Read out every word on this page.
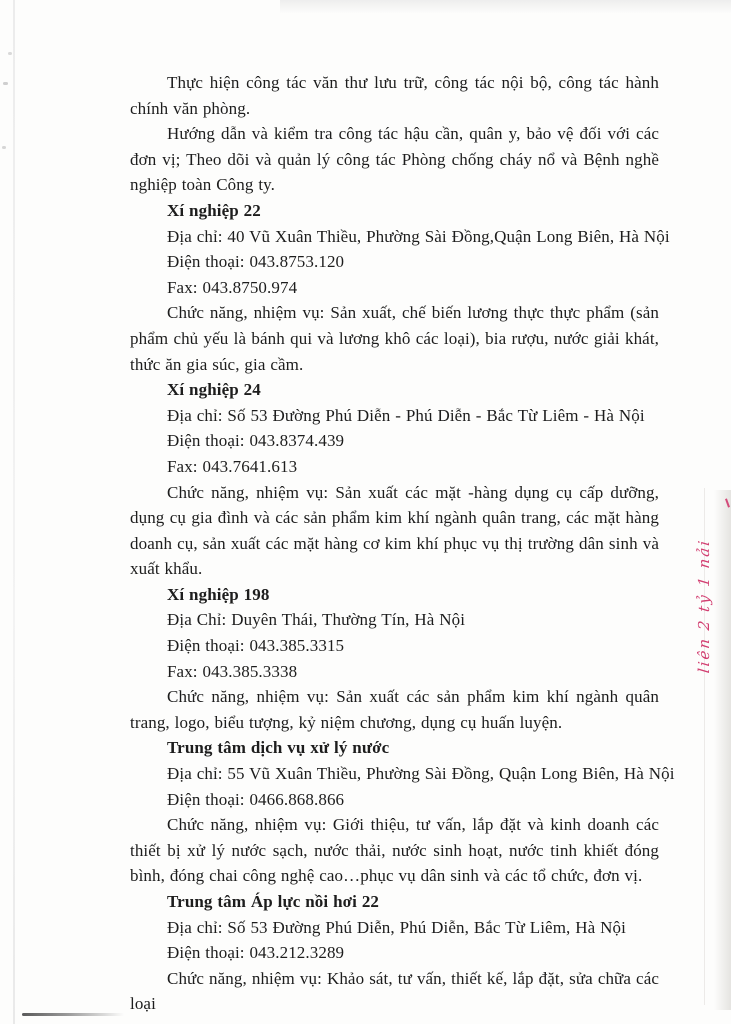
Thực hiện công tác văn thư lưu trữ, công tác nội bộ, công tác hành chính văn phòng.

Hướng dẫn và kiểm tra công tác hậu cần, quân y, bảo vệ đối với các đơn vị; Theo dõi và quản lý công tác Phòng chống cháy nổ và Bệnh nghề nghiệp toàn Công ty.

Xí nghiệp 22
Địa chỉ: 40 Vũ Xuân Thiều, Phường Sài Đồng,Quận Long Biên, Hà Nội
Điện thoại: 043.8753.120
Fax: 043.8750.974

Chức năng, nhiệm vụ: Sản xuất, chế biến lương thực thực phẩm (sản phẩm chủ yếu là bánh qui và lương khô các loại), bia rượu, nước giải khát, thức ăn gia súc, gia cầm.

Xí nghiệp 24
Địa chỉ: Số 53 Đường Phú Diễn - Phú Diễn - Bắc Từ Liêm - Hà Nội
Điện thoại: 043.8374.439
Fax: 043.7641.613

Chức năng, nhiệm vụ: Sản xuất các mặt -hàng dụng cụ cấp dưỡng, dụng cụ gia đình và các sản phẩm kim khí ngành quân trang, các mặt hàng doanh cụ, sản xuất các mặt hàng cơ kim khí phục vụ thị trường dân sinh và xuất khẩu.

Xí nghiệp 198
Địa Chỉ: Duyên Thái, Thường Tín, Hà Nội
Điện thoại: 043.385.3315
Fax: 043.385.3338

Chức năng, nhiệm vụ: Sản xuất các sản phẩm kim khí ngành quân trang, logo, biểu tượng, kỷ niệm chương, dụng cụ huấn luyện.

Trung tâm dịch vụ xử lý nước
Địa chỉ: 55 Vũ Xuân Thiều, Phường Sài Đồng, Quận Long Biên, Hà Nội
Điện thoại: 0466.868.866

Chức năng, nhiệm vụ: Giới thiệu, tư vấn, lắp đặt và kinh doanh các thiết bị xử lý nước sạch, nước thải, nước sinh hoạt, nước tinh khiết đóng bình, đóng chai công nghệ cao…phục vụ dân sinh và các tổ chức, đơn vị.

Trung tâm Áp lực nồi hơi 22
Địa chỉ: Số 53 Đường Phú Diễn, Phú Diễn, Bắc Từ Liêm, Hà Nội
Điện thoại: 043.212.3289

Chức năng, nhiệm vụ: Khảo sát, tư vấn, thiết kế, lắp đặt, sửa chữa các loại

liên 2 tỷ 1 nải
